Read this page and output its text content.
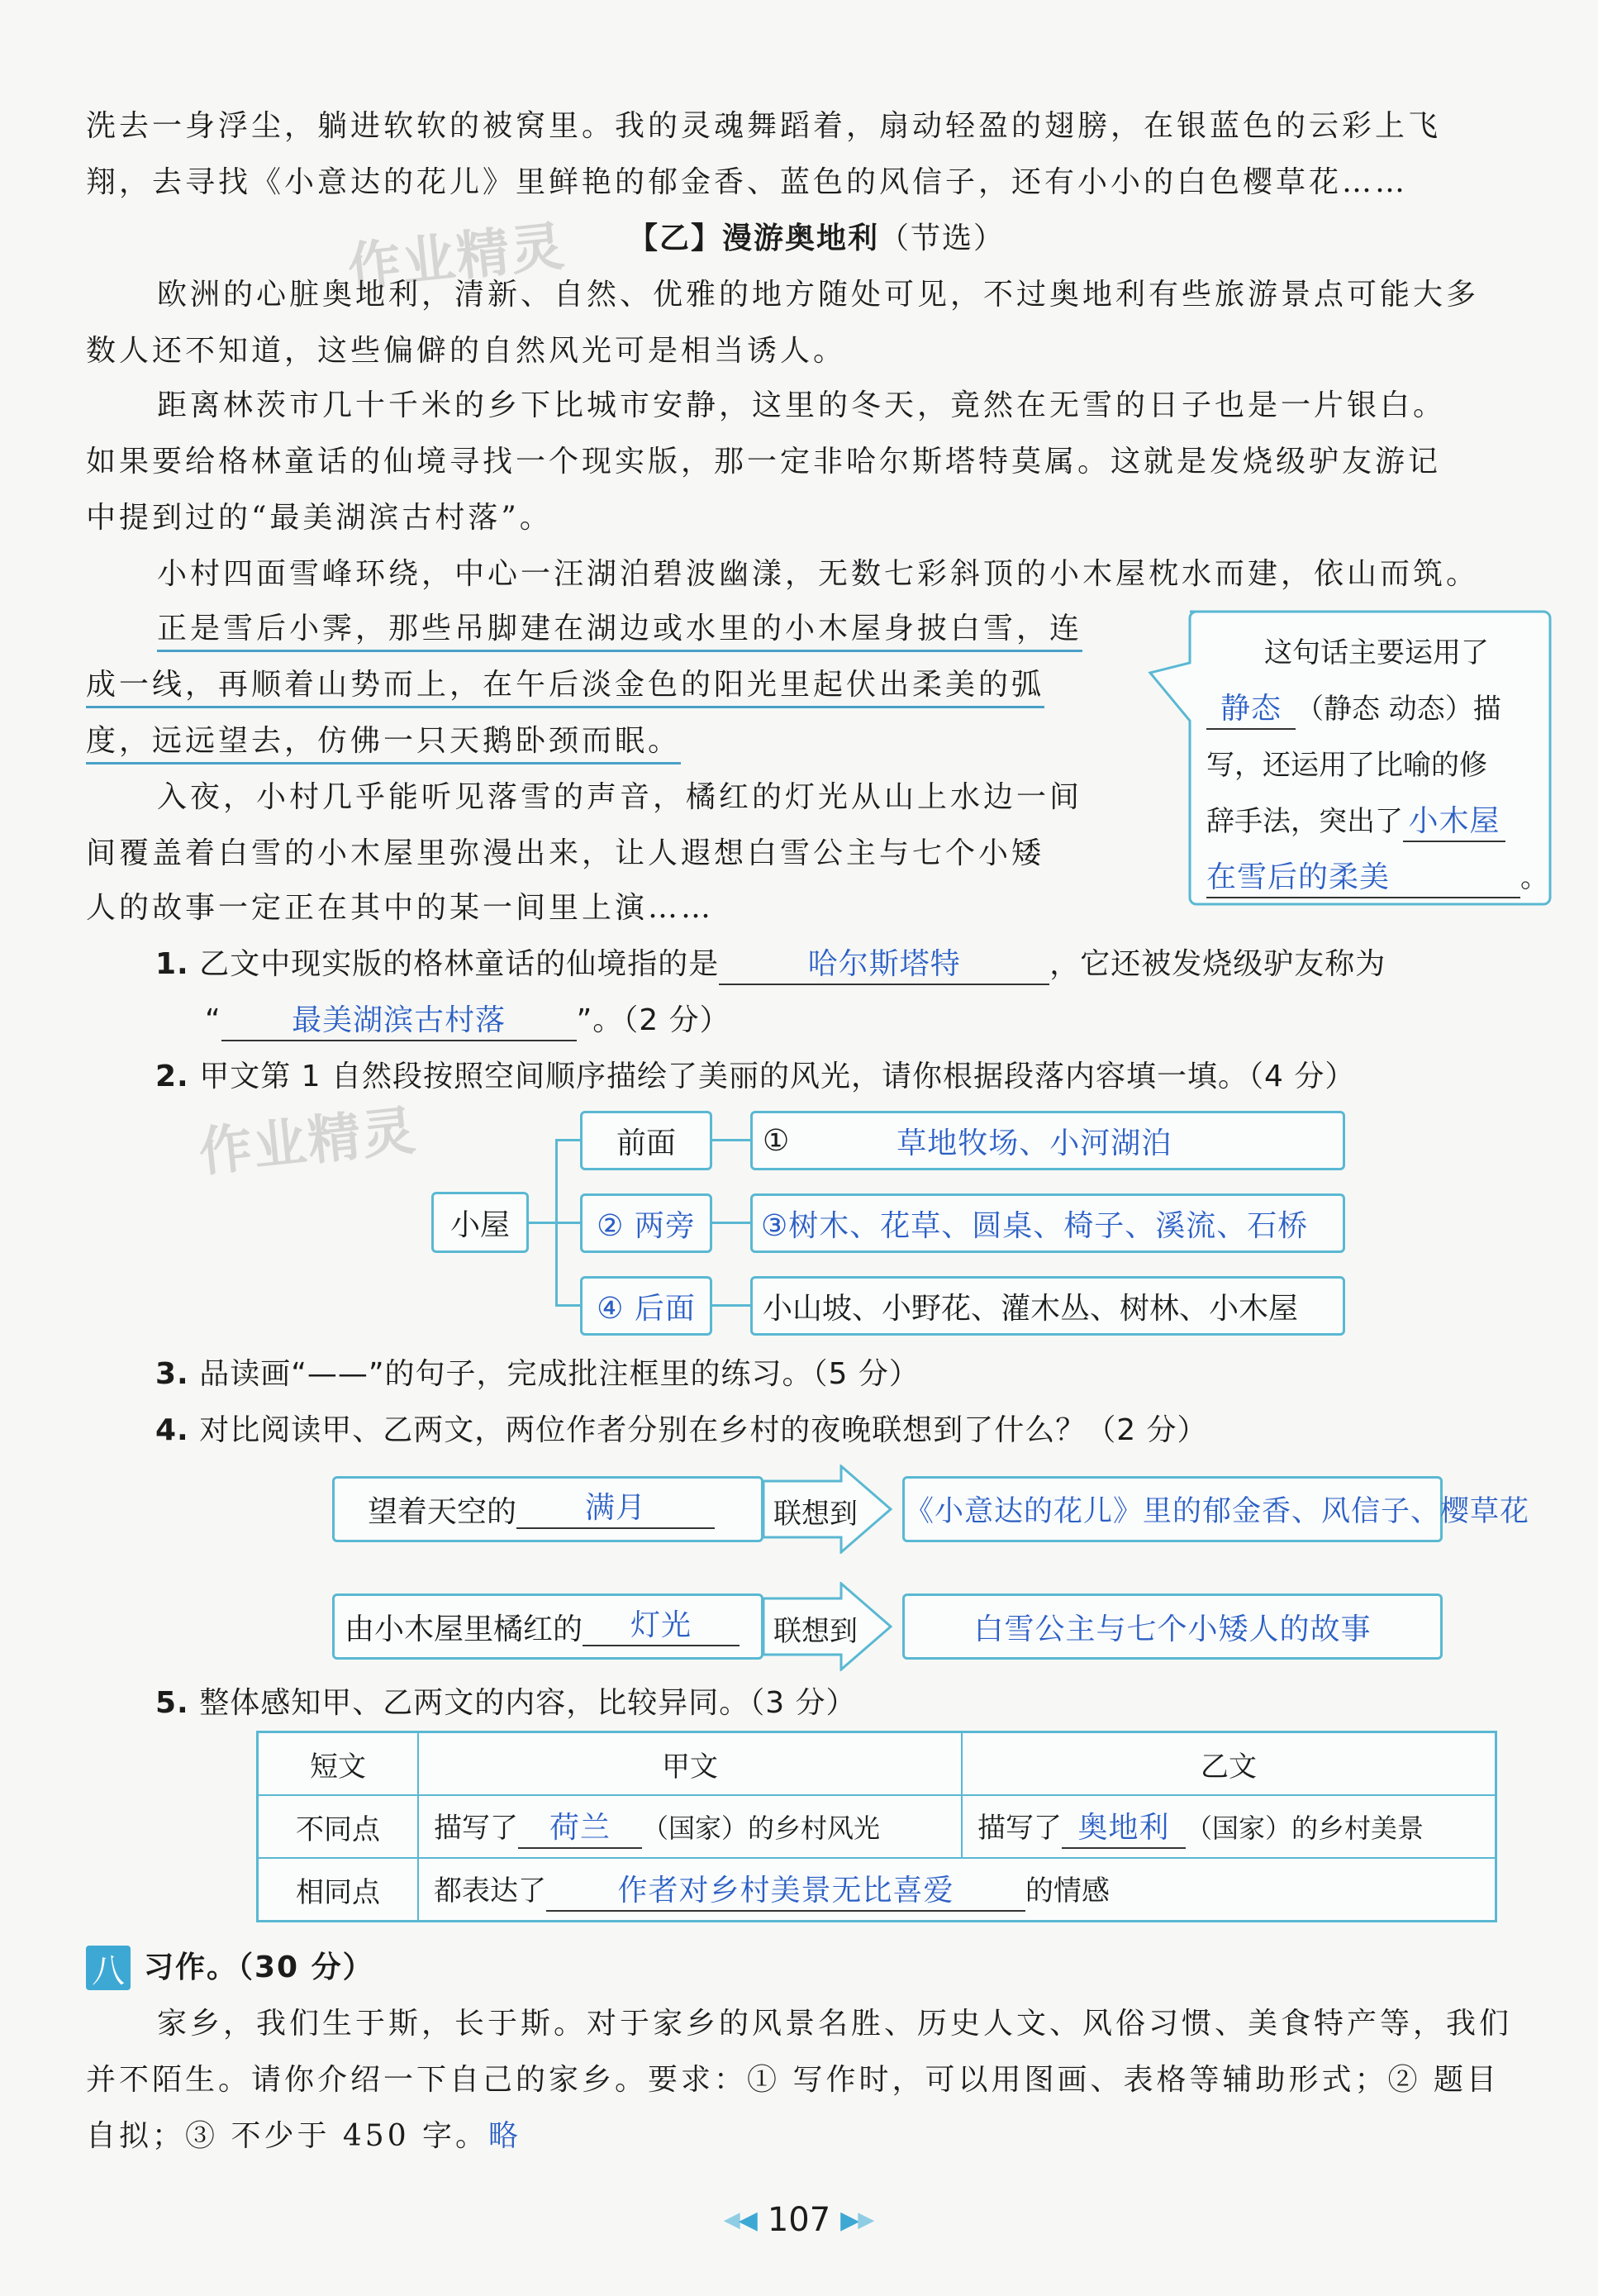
洗去一身浮尘，躺进软软的被窝里。我的灵魂舞蹈着，扇动轻盈的翅膀，在银蓝色的云彩上飞
翔，去寻找《小意达的花儿》里鲜艳的郁金香、蓝色的风信子，还有小小的白色樱草花……
作业精灵
作业精灵
【乙】漫游奥地利（节选）
欧洲的心脏奥地利，清新、自然、优雅的地方随处可见，不过奥地利有些旅游景点可能大多
数人还不知道，这些偏僻的自然风光可是相当诱人。
距离林茨市几十千米的乡下比城市安静，这里的冬天，竟然在无雪的日子也是一片银白。
如果要给格林童话的仙境寻找一个现实版，那一定非哈尔斯塔特莫属。这就是发烧级驴友游记
中提到过的“最美湖滨古村落”。
小村四面雪峰环绕，中心一汪湖泊碧波幽漾，无数七彩斜顶的小木屋枕水而建，依山而筑。
正是雪后小霁，那些吊脚建在湖边或水里的小木屋身披白雪，连
成一线，再顺着山势而上，在午后淡金色的阳光里起伏出柔美的弧
度，远远望去，仿佛一只天鹅卧颈而眠。
入夜，小村几乎能听见落雪的声音，橘红的灯光从山上水边一间
间覆盖着白雪的小木屋里弥漫出来，让人遐想白雪公主与七个小矮
人的故事一定正在其中的某一间里上演……
这句话主要运用了
静态 （静态 动态）描
写，还运用了比喻的修
辞手法，突出了 小木屋
在雪后的柔美	。
1. 乙文中现实版的格林童话的仙境指的是	哈尔斯塔特	，它还被发烧级驴友称为
“ 最美湖滨古村落 ”。（2 分）
2. 甲文第 1 自然段按照空间顺序描绘了美丽的风光，请你根据段落内容填一填。（4 分）
小屋
前面
② 两旁
④ 后面
①	草地牧场、小河湖泊
③树木、花草、圆桌、椅子、溪流、石桥
小山坡、小野花、灌木丛、树林、小木屋
3. 品读画“——”的句子，完成批注框里的练习。（5 分）
4. 对比阅读甲、乙两文，两位作者分别在乡村的夜晚联想到了什么？（2 分）
望着天空的	满月	联想到 《小意达的花儿》里的郁金香、风信子、樱草花
由小木屋里橘红的	灯光	联想到	白雪公主与七个小矮人的故事
5. 整体感知甲、乙两文的内容，比较异同。（3 分）
短文	甲文	乙文
不同点	描写了 荷兰 （国家）的乡村风光	描写了 奥地利 （国家）的乡村美景
相同点	都表达了 作者对乡村美景无比喜爱 的情感	
八 习作。（30 分）
家乡，我们生于斯，长于斯。对于家乡的风景名胜、历史人文、风俗习惯、美食特产等，我们
并不陌生。请你介绍一下自己的家乡。要求：① 写作时，可以用图画、表格等辅助形式；② 题目
自拟；③ 不少于 450 字。略
◀
◀ 107 ▶
▶
